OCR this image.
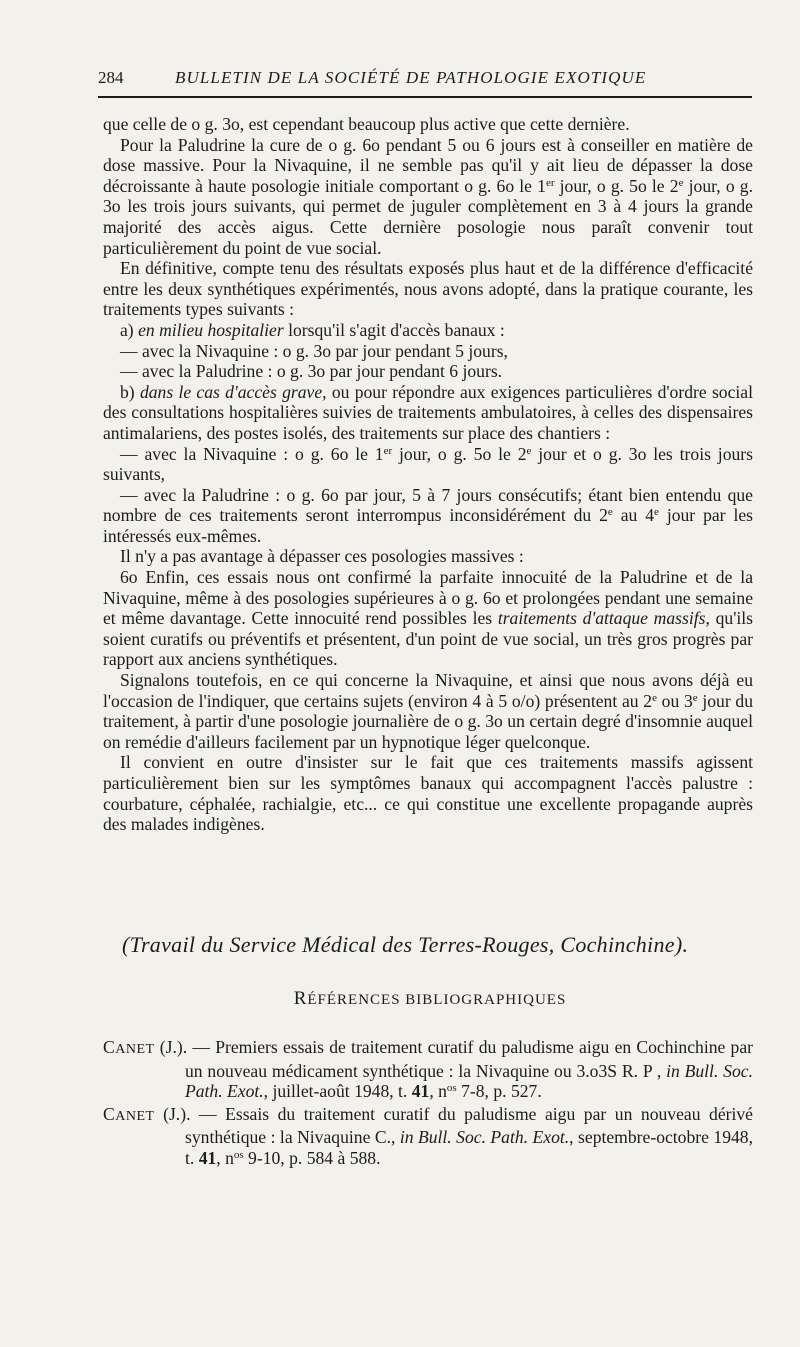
284	BULLETIN DE LA SOCIÉTÉ DE PATHOLOGIE EXOTIQUE

que celle de o g. 3o, est cependant beaucoup plus active que cette dernière.

Pour la Paludrine la cure de o g. 6o pendant 5 ou 6 jours est à conseiller en matière de dose massive. Pour la Nivaquine, il ne semble pas qu'il y ait lieu de dépasser la dose décroissante à haute posologie initiale comportant o g. 6o le 1er jour, o g. 5o le 2e jour, o g. 3o les trois jours suivants, qui permet de juguler complètement en 3 à 4 jours la grande majorité des accès aigus. Cette dernière posologie nous paraît convenir tout particulièrement du point de vue social.

En définitive, compte tenu des résultats exposés plus haut et de la différence d'efficacité entre les deux synthétiques expérimentés, nous avons adopté, dans la pratique courante, les traitements types suivants :

a) en milieu hospitalier lorsqu'il s'agit d'accès banaux :

— avec la Nivaquine : o g. 3o par jour pendant 5 jours,

— avec la Paludrine : o g. 3o par jour pendant 6 jours.

b) dans le cas d'accès grave, ou pour répondre aux exigences particulières d'ordre social des consultations hospitalières suivies de traitements ambulatoires, à celles des dispensaires antimalariens, des postes isolés, des traitements sur place des chantiers :

— avec la Nivaquine : o g. 6o le 1er jour, o g. 5o le 2e jour et o g. 3o les trois jours suivants,

— avec la Paludrine : o g. 6o par jour, 5 à 7 jours consécutifs; étant bien entendu que nombre de ces traitements seront interrompus inconsidérément du 2e au 4e jour par les intéressés eux-mêmes.

Il n'y a pas avantage à dépasser ces posologies massives :

6o Enfin, ces essais nous ont confirmé la parfaite innocuité de la Paludrine et de la Nivaquine, même à des posologies supérieures à o g. 6o et prolongées pendant une semaine et même davantage. Cette innocuité rend possibles les traitements d'attaque massifs, qu'ils soient curatifs ou préventifs et présentent, d'un point de vue social, un très gros progrès par rapport aux anciens synthétiques.

Signalons toutefois, en ce qui concerne la Nivaquine, et ainsi que nous avons déjà eu l'occasion de l'indiquer, que certains sujets (environ 4 à 5 o/o) présentent au 2e ou 3e jour du traitement, à partir d'une posologie journalière de o g. 3o un certain degré d'insomnie auquel on remédie d'ailleurs facilement par un hypnotique léger quelconque.

Il convient en outre d'insister sur le fait que ces traitements massifs agissent particulièrement bien sur les symptômes banaux qui accompagnent l'accès palustre : courbature, céphalée, rachialgie, etc... ce qui constitue une excellente propagande auprès des malades indigènes.

(Travail du Service Médical des Terres-Rouges, Cochinchine).
RÉFÉRENCES BIBLIOGRAPHIQUES

CANET (J.). — Premiers essais de traitement curatif du paludisme aigu en Cochinchine par un nouveau médicament synthétique : la Nivaquine ou 3.o3S R. P , in Bull. Soc. Path. Exot., juillet-août 1948, t. 41, $n^{os}$ 7-8, p. 527.

CANET (J.). — Essais du traitement curatif du paludisme aigu par un nouveau dérivé synthétique : la Nivaquine C., in Bull. Soc. Path. Exot., septembre-octobre 1948, t. 41, $n^{os}$ 9-10, p. 584 à 588.
